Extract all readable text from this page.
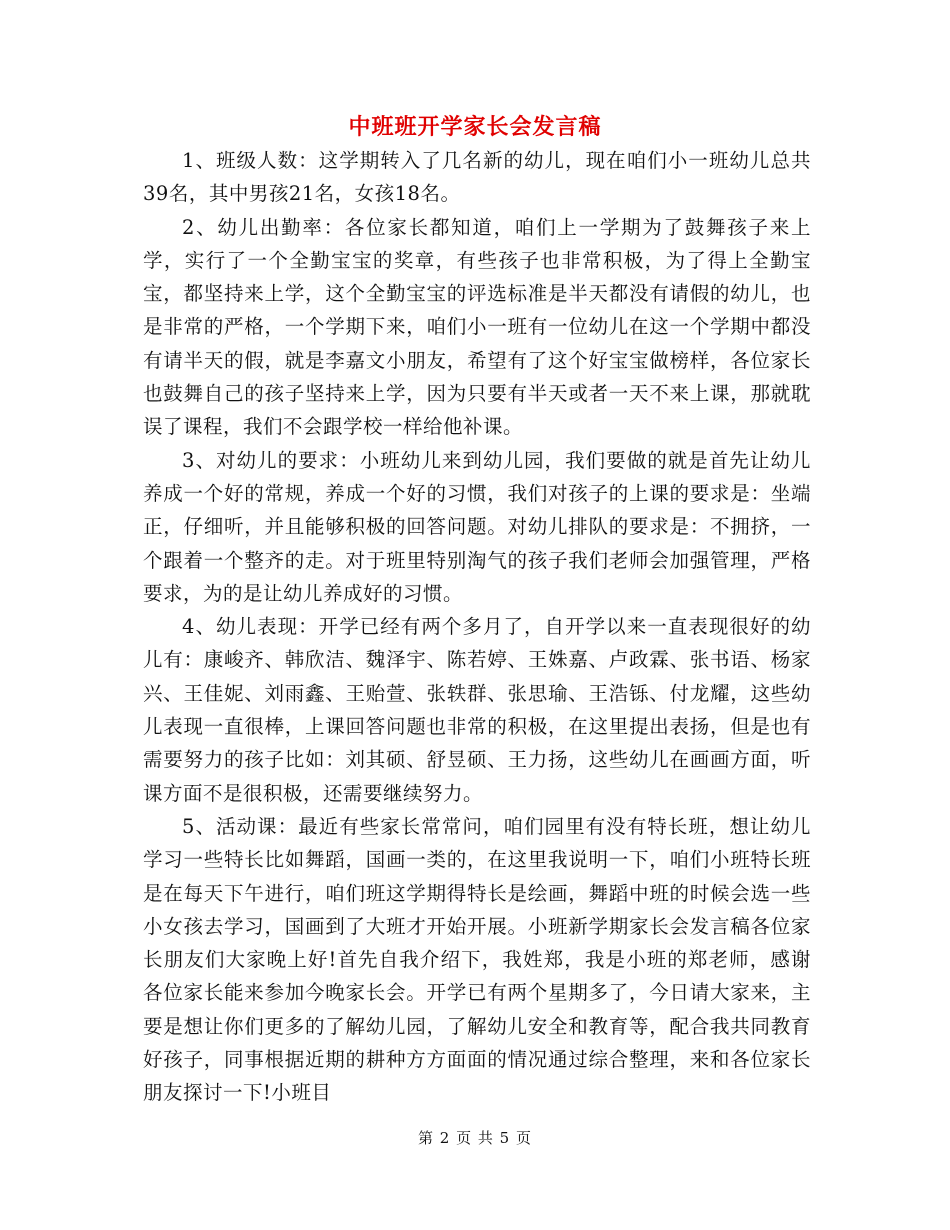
中班班开学家长会发言稿

1、班级人数：这学期转入了几名新的幼儿，现在咱们小一班幼儿总共39名，其中男孩21名，女孩18名。

2、幼儿出勤率：各位家长都知道，咱们上一学期为了鼓舞孩子来上学，实行了一个全勤宝宝的奖章，有些孩子也非常积极，为了得上全勤宝宝，都坚持来上学，这个全勤宝宝的评选标准是半天都没有请假的幼儿，也是非常的严格，一个学期下来，咱们小一班有一位幼儿在这一个学期中都没有请半天的假，就是李嘉文小朋友，希望有了这个好宝宝做榜样，各位家长也鼓舞自己的孩子坚持来上学，因为只要有半天或者一天不来上课，那就耽误了课程，我们不会跟学校一样给他补课。

3、对幼儿的要求：小班幼儿来到幼儿园，我们要做的就是首先让幼儿养成一个好的常规，养成一个好的习惯，我们对孩子的上课的要求是：坐端正，仔细听，并且能够积极的回答问题。对幼儿排队的要求是：不拥挤，一个跟着一个整齐的走。对于班里特别淘气的孩子我们老师会加强管理，严格要求，为的是让幼儿养成好的习惯。

4、幼儿表现：开学已经有两个多月了，自开学以来一直表现很好的幼儿有：康峻齐、韩欣洁、魏泽宇、陈若婷、王姝嘉、卢政霖、张书语、杨家兴、王佳妮、刘雨鑫、王贻萱、张轶群、张思瑜、王浩铄、付龙耀，这些幼儿表现一直很棒，上课回答问题也非常的积极，在这里提出表扬，但是也有需要努力的孩子比如：刘其硕、舒昱硕、王力扬，这些幼儿在画画方面，听课方面不是很积极，还需要继续努力。

5、活动课：最近有些家长常常问，咱们园里有没有特长班，想让幼儿学习一些特长比如舞蹈，国画一类的，在这里我说明一下，咱们小班特长班是在每天下午进行，咱们班这学期得特长是绘画，舞蹈中班的时候会选一些小女孩去学习，国画到了大班才开始开展。小班新学期家长会发言稿各位家长朋友们大家晚上好!首先自我介绍下，我姓郑，我是小班的郑老师，感谢各位家长能来参加今晚家长会。开学已有两个星期多了，今日请大家来，主要是想让你们更多的了解幼儿园，了解幼儿安全和教育等，配合我共同教育好孩子，同事根据近期的耕种方方面面的情况通过综合整理，来和各位家长朋友探讨一下!小班目

第 2 页 共 5 页
